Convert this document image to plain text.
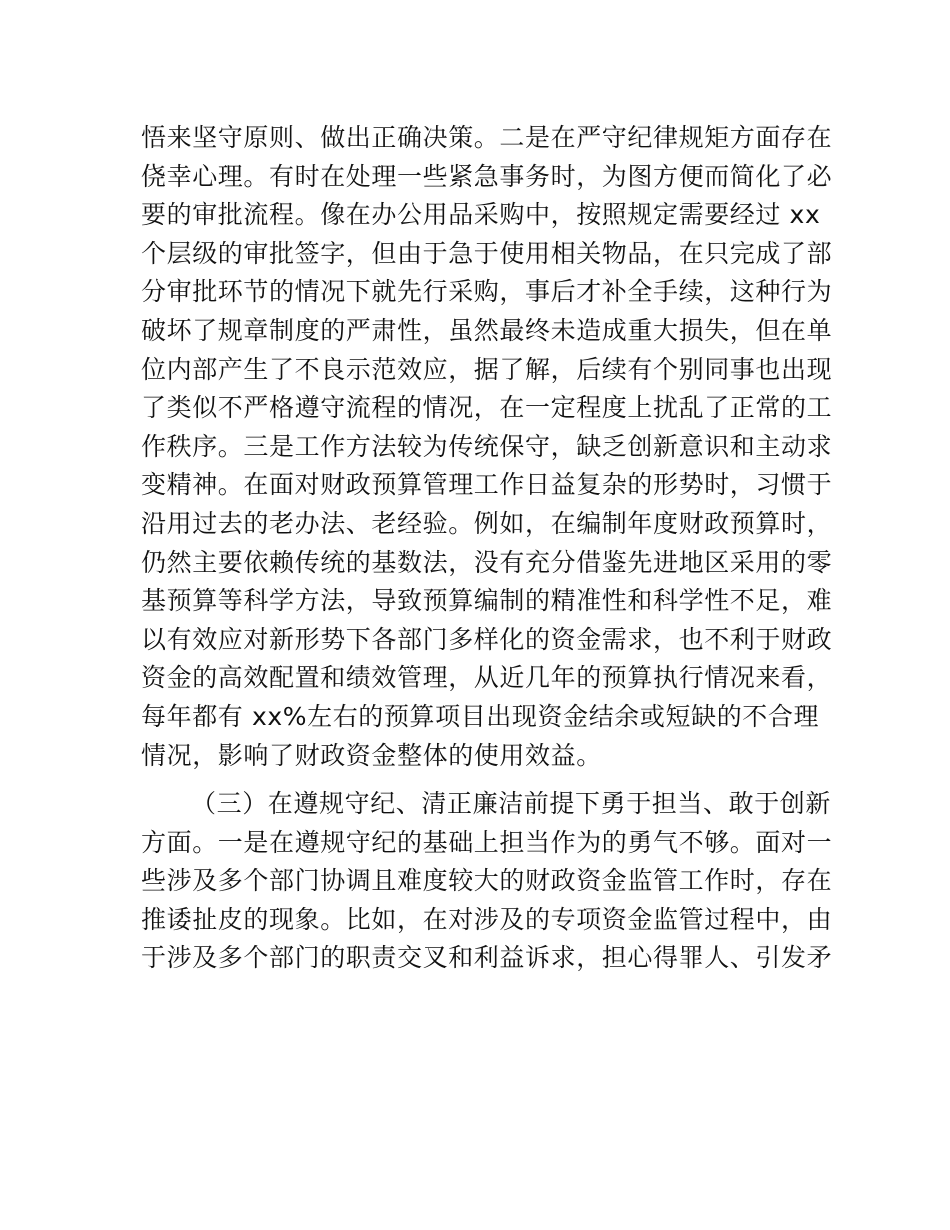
悟来坚守原则、做出正确决策。二是在严守纪律规矩方面存在
侥幸心理。有时在处理一些紧急事务时，为图方便而简化了必
要的审批流程。像在办公用品采购中，按照规定需要经过 xx
个层级的审批签字，但由于急于使用相关物品，在只完成了部
分审批环节的情况下就先行采购，事后才补全手续，这种行为
破坏了规章制度的严肃性，虽然最终未造成重大损失，但在单
位内部产生了不良示范效应，据了解，后续有个别同事也出现
了类似不严格遵守流程的情况，在一定程度上扰乱了正常的工
作秩序。三是工作方法较为传统保守，缺乏创新意识和主动求
变精神。在面对财政预算管理工作日益复杂的形势时，习惯于
沿用过去的老办法、老经验。例如，在编制年度财政预算时，
仍然主要依赖传统的基数法，没有充分借鉴先进地区采用的零
基预算等科学方法，导致预算编制的精准性和科学性不足，难
以有效应对新形势下各部门多样化的资金需求，也不利于财政
资金的高效配置和绩效管理，从近几年的预算执行情况来看，
每年都有 xx%左右的预算项目出现资金结余或短缺的不合理
情况，影响了财政资金整体的使用效益。
（三）在遵规守纪、清正廉洁前提下勇于担当、敢于创新
方面。一是在遵规守纪的基础上担当作为的勇气不够。面对一
些涉及多个部门协调且难度较大的财政资金监管工作时，存在
推诿扯皮的现象。比如，在对涉及的专项资金监管过程中，由
于涉及多个部门的职责交叉和利益诉求，担心得罪人、引发矛
